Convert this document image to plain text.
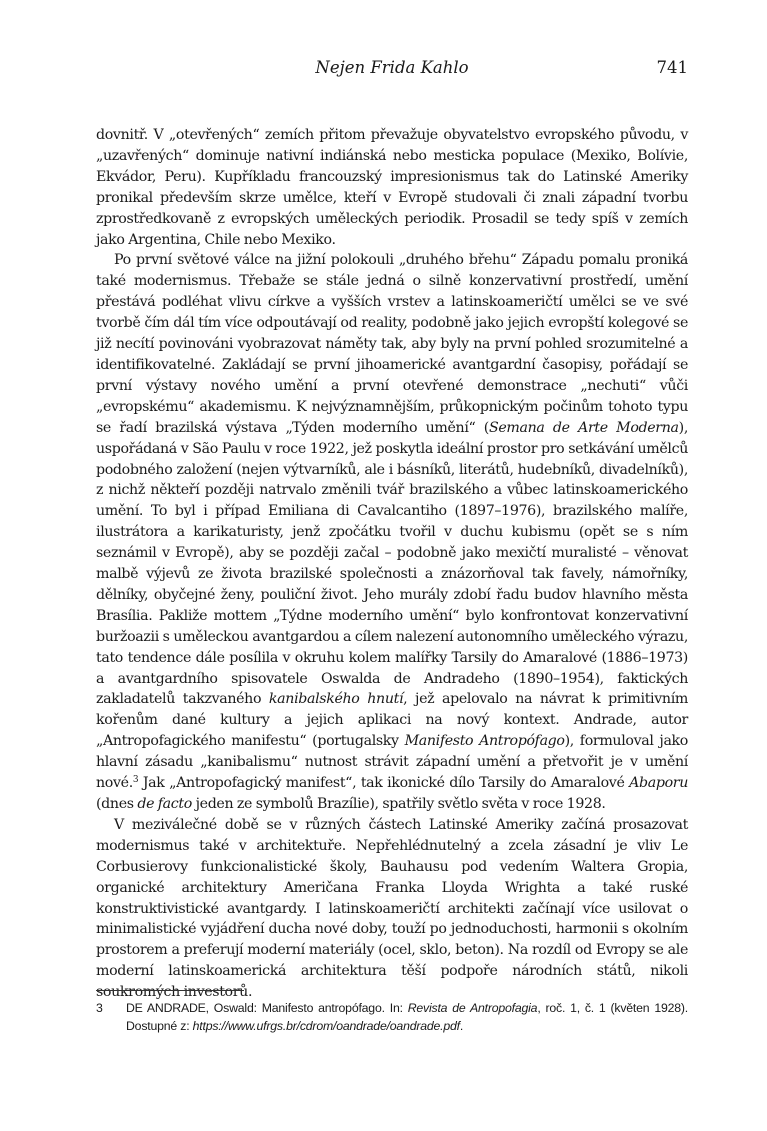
Nejen Frida Kahlo	741

dovnitř. V „otevřených“ zemích přitom převažuje obyvatelstvo evropského původu, v „uzavřených“ dominuje nativní indiánská nebo mesticka populace (Mexiko, Bolívie, Ekvádor, Peru). Kupříkladu francouzský impresionismus tak do Latinské Ameriky pronikal především skrze umělce, kteří v Evropě studovali či znali západní tvorbu zprostředkovaně z evropských uměleckých periodik. Prosadil se tedy spíš v zemích jako Argentina, Chile nebo Mexiko.

Po první světové válce na jižní polokouli „druhého břehu“ Západu pomalu proniká také modernismus. Třebaže se stále jedná o silně konzervativní prostředí, umění přestává podléhat vlivu církve a vyšších vrstev a latinskoameričtí umělci se ve své tvorbě čím dál tím více odpoutávají od reality, podobně jako jejich evropští kolegové se již necítí povinováni vyobrazovat náměty tak, aby byly na první pohled srozumitelné a identifikovatelné. Zakládají se první jihoamerické avantgardní časopisy, pořádají se první výstavy nového umění a první otevřené demonstrace „nechuti“ vůči „evropskému“ akademismu. K nejvýznamnějším, průkopnickým počinům tohoto typu se řadí brazilská výstava „Týden moderního umění“ (Semana de Arte Moderna), uspořádaná v São Paulu v roce 1922, jež poskytla ideální prostor pro setkávání umělců podobného založení (nejen výtvarníků, ale i básníků, literátů, hudebníků, divadelníků), z nichž někteří později natrvalo změnili tvář brazilského a vůbec latinskoamerického umění. To byl i případ Emiliana di Cavalcantiho (1897–1976), brazilského malíře, ilustrátora a karikaturisty, jenž zpočátku tvořil v duchu kubismu (opět se s ním seznámil v Evropě), aby se později začal – podobně jako mexičtí muralisté – věnovat malbě výjevů ze života brazilské společnosti a znázorňoval tak favely, námořníky, dělníky, obyčejné ženy, pouliční život. Jeho murály zdobí řadu budov hlavního města Brasília. Pakliže mottem „Týdne moderního umění“ bylo konfrontovat konzervativní buržoazii s uměleckou avantgardou a cílem nalezení autonomního uměleckého výrazu, tato tendence dále posílila v okruhu kolem malířky Tarsily do Amaralové (1886–1973) a avantgardního spisovatele Oswalda de Andradeho (1890–1954), faktických zakladatelů takzvaného kanibalského hnutí, jež apelovalo na návrat k primitivním kořenům dané kultury a jejich aplikaci na nový kontext. Andrade, autor „Antropofagického manifestu“ (portugalsky Manifesto Antropófago), formuloval jako hlavní zásadu „kanibalismu“ nutnost strávit západní umění a přetvořit je v umění nové.$^3$ Jak „Antropofagický manifest“, tak ikonické dílo Tarsily do Amaralové Abaporu (dnes de facto jeden ze symbolů Brazílie), spatřily světlo světa v roce 1928.

V meziválečné době se v různých částech Latinské Ameriky začíná prosazovat modernismus také v architektuře. Nepřehlédnutelný a zcela zásadní je vliv Le Corbusierovy funkcionalistické školy, Bauhausu pod vedením Waltera Gropia, organické architektury Američana Franka Lloyda Wrighta a také ruské konstruktivistické avantgardy. I latinskoameričtí architekti začínají více usilovat o minimalistické vyjádření ducha nové doby, touží po jednoduchosti, harmonii s okolním prostorem a preferují moderní materiály (ocel, sklo, beton). Na rozdíl od Evropy se ale moderní latinskoamerická architektura těší podpoře národních států, nikoli soukromých investorů.

3 DE ANDRADE, Oswald: Manifesto antropófago. In: Revista de Antropofagia, roč. 1, č. 1 (květen 1928). Dostupné z: https://www.ufrgs.br/cdrom/oandrade/oandrade.pdf.
